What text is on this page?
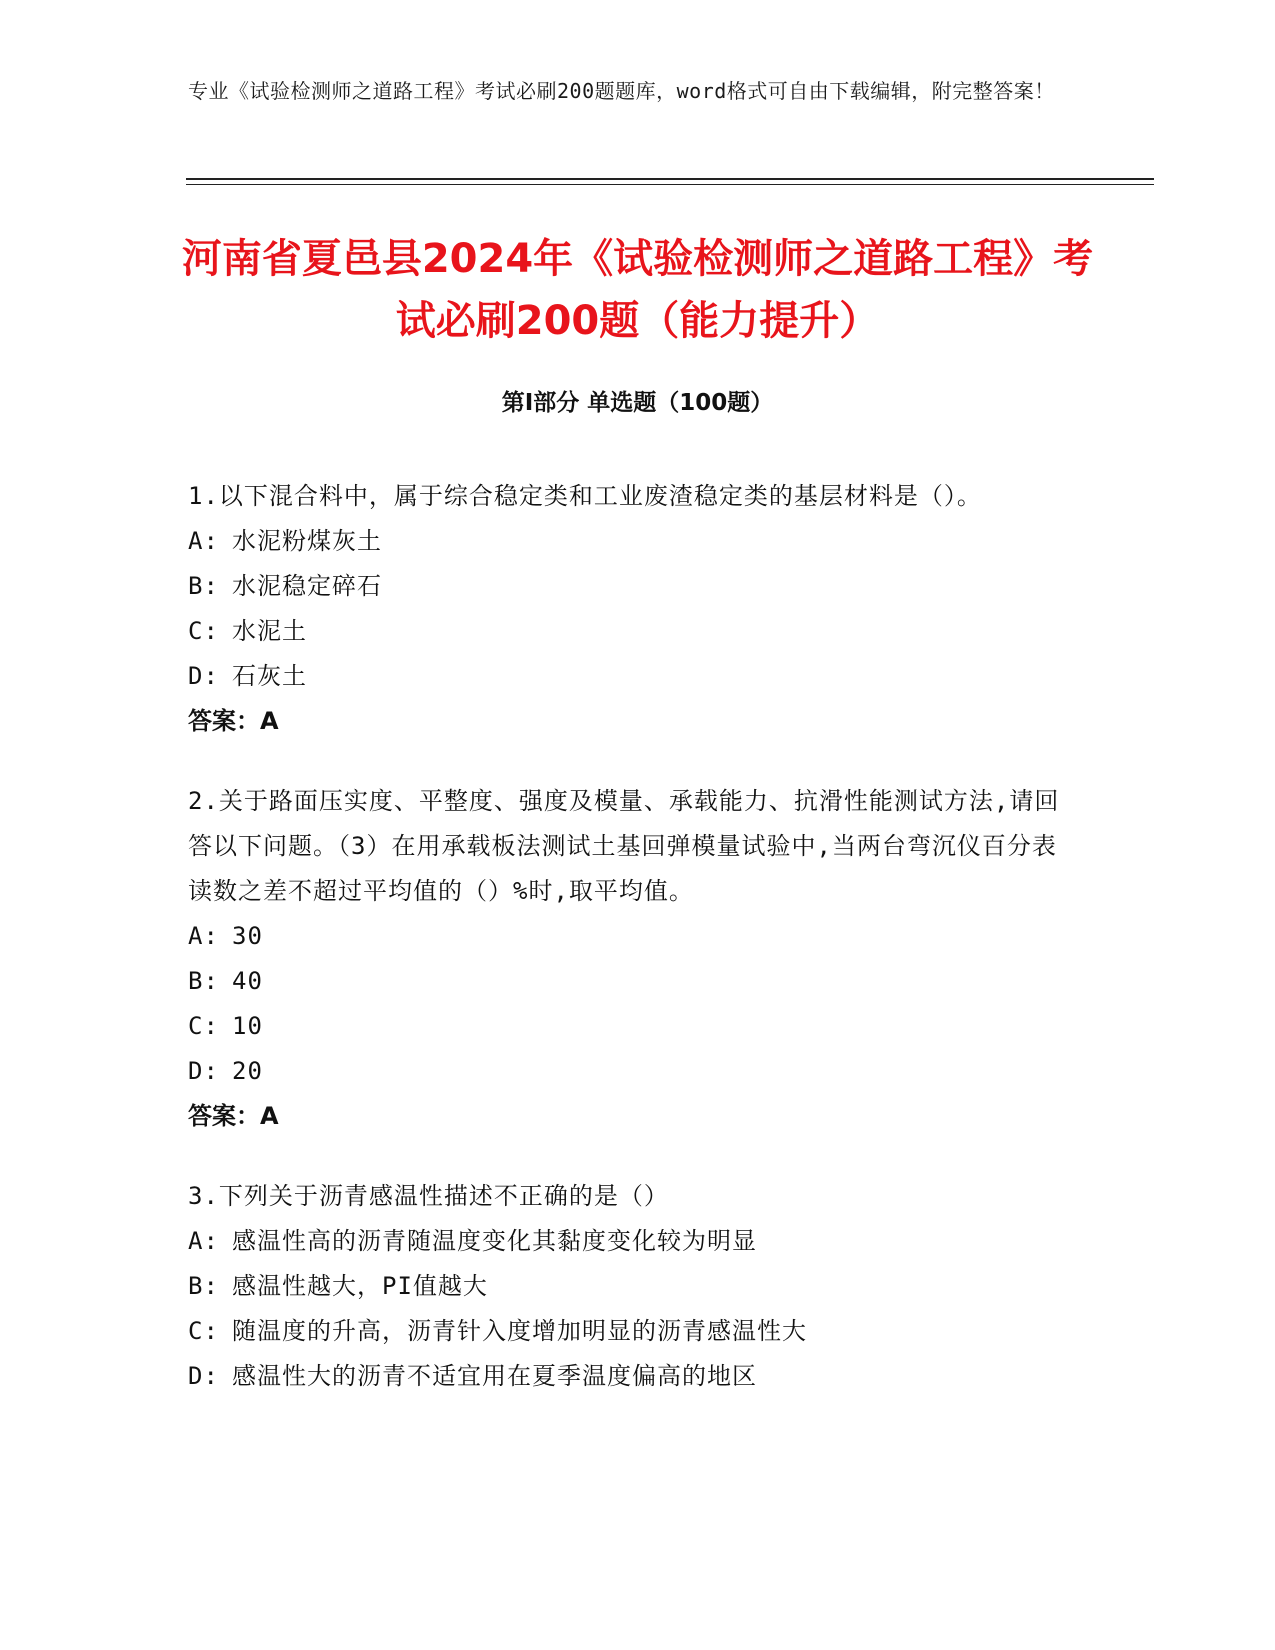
专业《试验检测师之道路工程》考试必刷200题题库，word格式可自由下载编辑，附完整答案！
河南省夏邑县2024年《试验检测师之道路工程》考试必刷200题（能力提升）
第I部分 单选题（100题）
1.以下混合料中，属于综合稳定类和工业废渣稳定类的基层材料是（）。
A: 水泥粉煤灰土
B: 水泥稳定碎石
C: 水泥土
D: 石灰土
答案：A
2.关于路面压实度、平整度、强度及模量、承载能力、抗滑性能测试方法,请回答以下问题。（3）在用承载板法测试土基回弹模量试验中,当两台弯沉仪百分表读数之差不超过平均值的（）%时,取平均值。
A: 30
B: 40
C: 10
D: 20
答案：A
3.下列关于沥青感温性描述不正确的是（）
A: 感温性高的沥青随温度变化其黏度变化较为明显
B: 感温性越大，PI值越大
C: 随温度的升高，沥青针入度增加明显的沥青感温性大
D: 感温性大的沥青不适宜用在夏季温度偏高的地区
